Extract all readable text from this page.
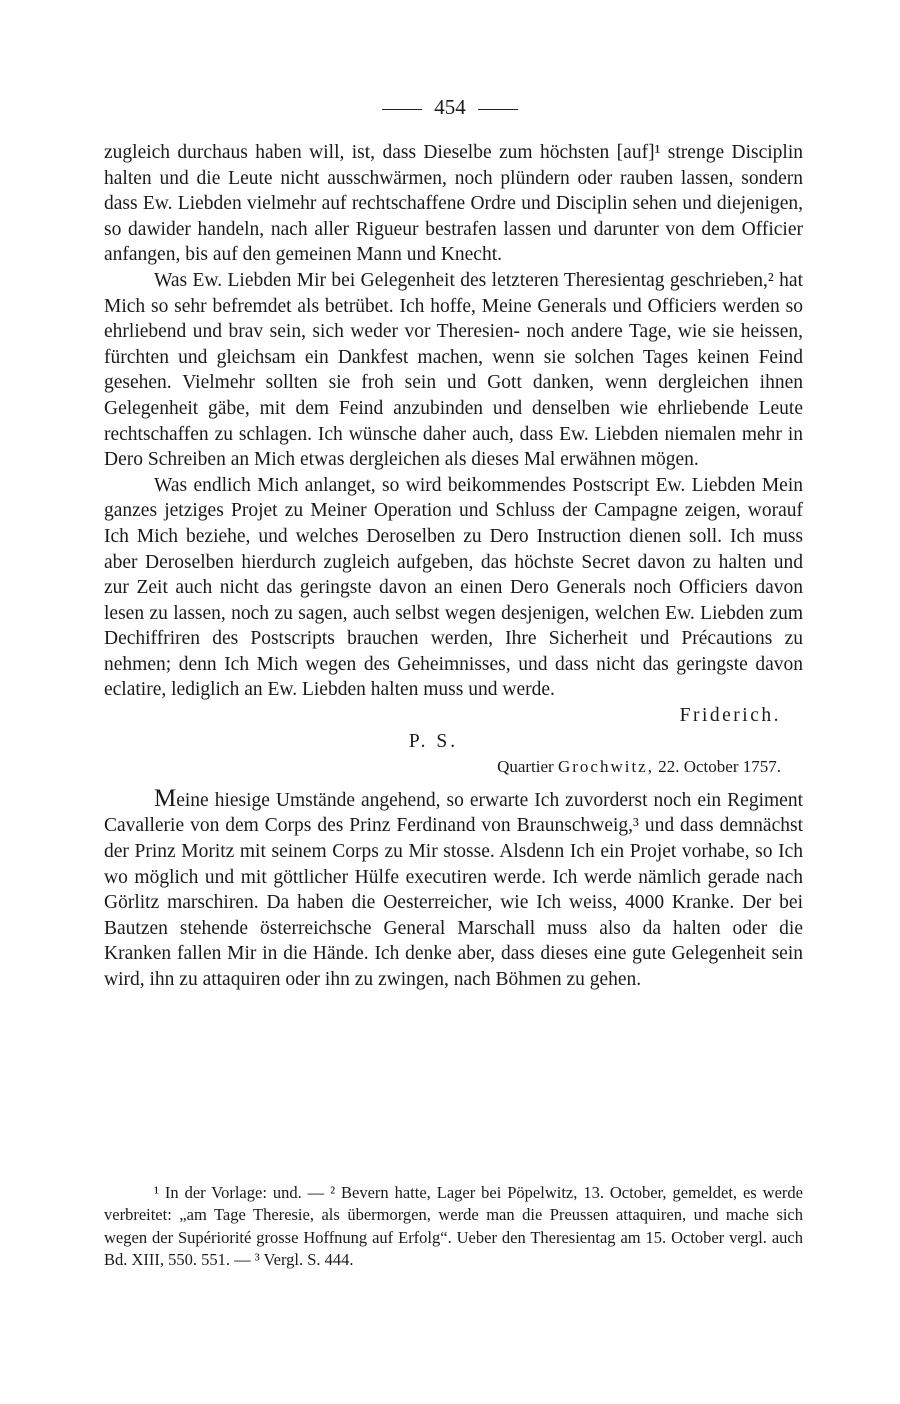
454

zugleich durchaus haben will, ist, dass Dieselbe zum höchsten [auf]¹ strenge Disciplin halten und die Leute nicht ausschwärmen, noch plündern oder rauben lassen, sondern dass Ew. Liebden vielmehr auf rechtschaffene Ordre und Disciplin sehen und diejenigen, so dawider handeln, nach aller Rigueur bestrafen lassen und darunter von dem Officier anfangen, bis auf den gemeinen Mann und Knecht.

Was Ew. Liebden Mir bei Gelegenheit des letzteren Theresientag geschrieben,² hat Mich so sehr befremdet als betrübet. Ich hoffe, Meine Generals und Officiers werden so ehrliebend und brav sein, sich weder vor Theresien- noch andere Tage, wie sie heissen, fürchten und gleichsam ein Dankfest machen, wenn sie solchen Tages keinen Feind gesehen. Vielmehr sollten sie froh sein und Gott danken, wenn dergleichen ihnen Gelegenheit gäbe, mit dem Feind anzubinden und denselben wie ehrliebende Leute rechtschaffen zu schlagen. Ich wünsche daher auch, dass Ew. Liebden niemalen mehr in Dero Schreiben an Mich etwas dergleichen als dieses Mal erwähnen mögen.

Was endlich Mich anlanget, so wird beikommendes Postscript Ew. Liebden Mein ganzes jetziges Projet zu Meiner Operation und Schluss der Campagne zeigen, worauf Ich Mich beziehe, und welches Deroselben zu Dero Instruction dienen soll. Ich muss aber Deroselben hierdurch zugleich aufgeben, das höchste Secret davon zu halten und zur Zeit auch nicht das geringste davon an einen Dero Generals noch Officiers davon lesen zu lassen, noch zu sagen, auch selbst wegen desjenigen, welchen Ew. Liebden zum Dechiffriren des Postscripts brauchen werden, Ihre Sicherheit und Précautions zu nehmen; denn Ich Mich wegen des Geheimnisses, und dass nicht das geringste davon eclatire, lediglich an Ew. Liebden halten muss und werde.

Friderich.

P. S.

Quartier Grochwitz, 22. October 1757.

Meine hiesige Umstände angehend, so erwarte Ich zuvorderst noch ein Regiment Cavallerie von dem Corps des Prinz Ferdinand von Braunschweig,³ und dass demnächst der Prinz Moritz mit seinem Corps zu Mir stosse. Alsdenn Ich ein Projet vorhabe, so Ich wo möglich und mit göttlicher Hülfe executiren werde. Ich werde nämlich gerade nach Görlitz marschiren. Da haben die Oesterreicher, wie Ich weiss, 4000 Kranke. Der bei Bautzen stehende österreichsche General Marschall muss also da halten oder die Kranken fallen Mir in die Hände. Ich denke aber, dass dieses eine gute Gelegenheit sein wird, ihn zu attaquiren oder ihn zu zwingen, nach Böhmen zu gehen.

¹ In der Vorlage: und. — ² Bevern hatte, Lager bei Pöpelwitz, 13. October, gemeldet, es werde verbreitet: „am Tage Theresie, als übermorgen, werde man die Preussen attaquiren, und mache sich wegen der Supériorité grosse Hoffnung auf Erfolg“. Ueber den Theresientag am 15. October vergl. auch Bd. XIII, 550. 551. — ³ Vergl. S. 444.
